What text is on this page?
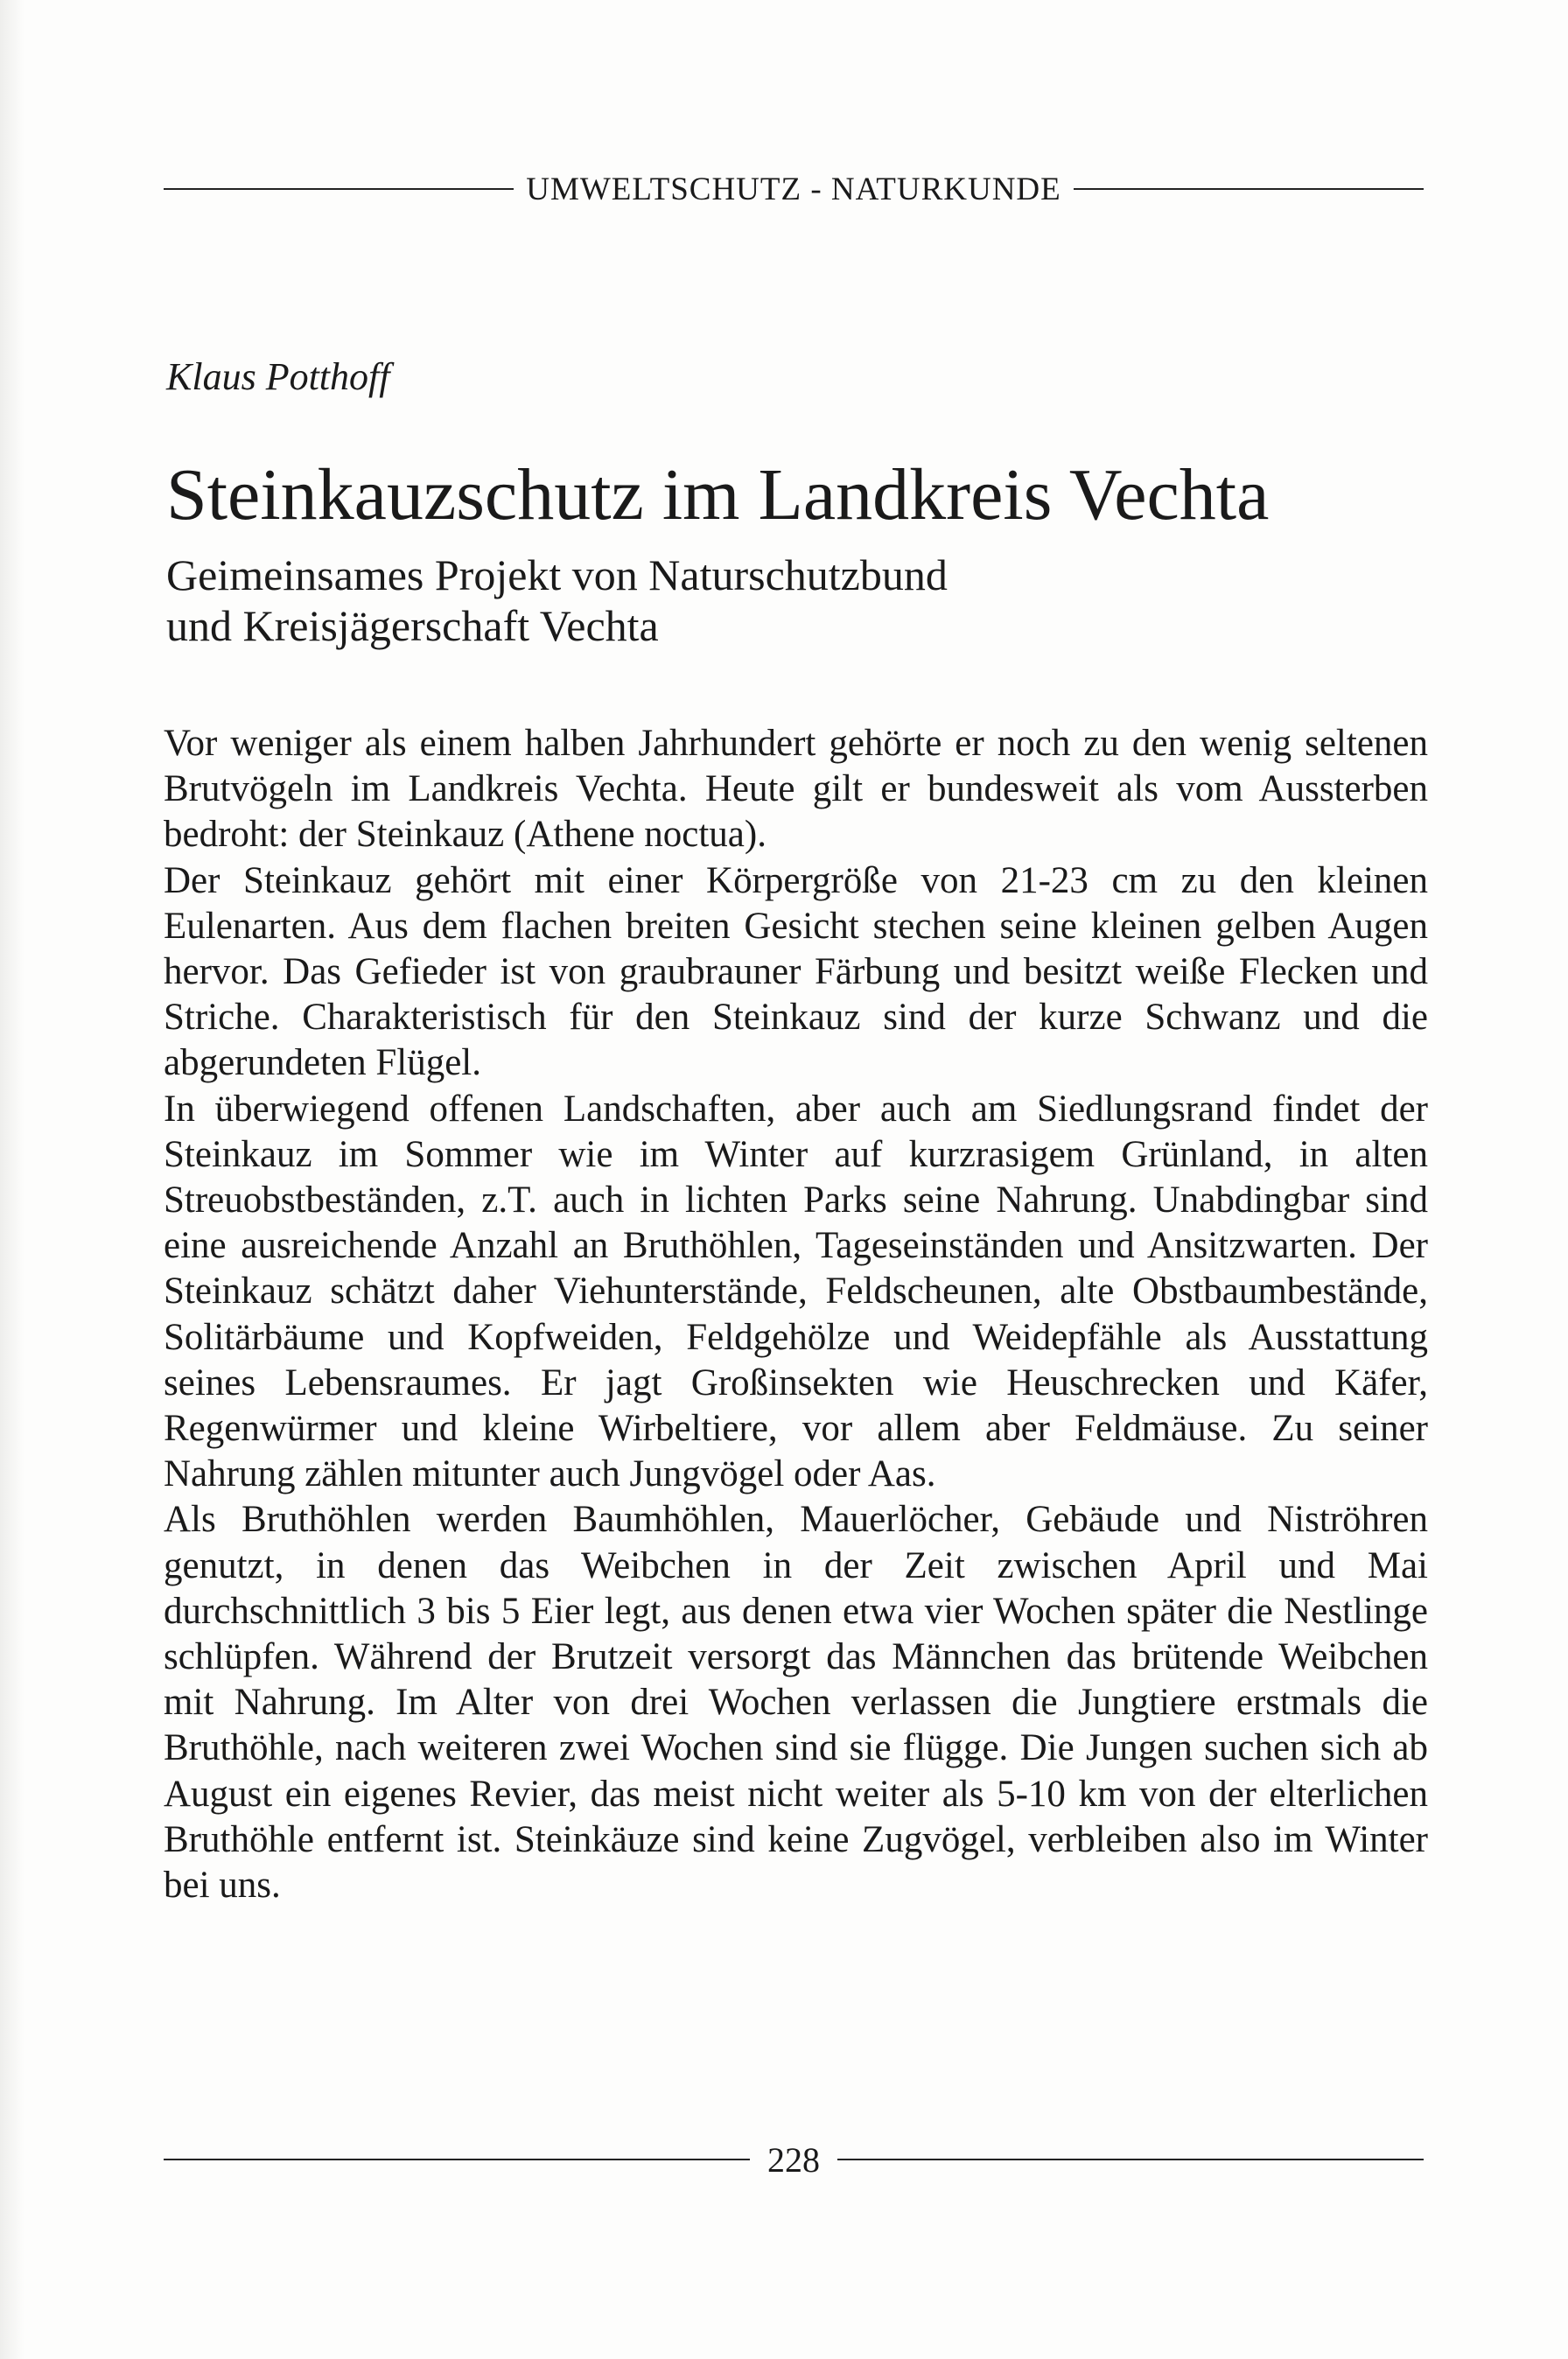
UMWELTSCHUTZ - NATURKUNDE
Klaus Potthoff
Steinkauzschutz im Landkreis Vechta
Geimeinsames Projekt von Naturschutzbund
und Kreisjägerschaft Vechta

Vor weniger als einem halben Jahrhundert gehörte er noch zu den wenig seltenen Brutvögeln im Landkreis Vechta. Heute gilt er bundesweit als vom Aussterben bedroht: der Steinkauz (Athene noctua).

Der Steinkauz gehört mit einer Körpergröße von 21-23 cm zu den kleinen Eulenarten. Aus dem flachen breiten Gesicht stechen seine kleinen gelben Augen hervor. Das Gefieder ist von graubrauner Färbung und besitzt weiße Flecken und Striche. Charakteristisch für den Steinkauz sind der kurze Schwanz und die abgerundeten Flügel.

In überwiegend offenen Landschaften, aber auch am Siedlungsrand findet der Steinkauz im Sommer wie im Winter auf kurzrasigem Grünland, in alten Streuobstbeständen, z.T. auch in lichten Parks seine Nahrung. Unabdingbar sind eine ausreichende Anzahl an Bruthöhlen, Tageseinständen und Ansitzwarten. Der Steinkauz schätzt daher Viehunterstände, Feldscheunen, alte Obstbaumbestände, Solitärbäume und Kopfweiden, Feldgehölze und Weidepfähle als Ausstattung seines Lebensraumes. Er jagt Großinsekten wie Heuschrecken und Käfer, Regenwürmer und kleine Wirbeltiere, vor allem aber Feldmäuse. Zu seiner Nahrung zählen mitunter auch Jungvögel oder Aas.

Als Bruthöhlen werden Baumhöhlen, Mauerlöcher, Gebäude und Niströhren genutzt, in denen das Weibchen in der Zeit zwischen April und Mai durchschnittlich 3 bis 5 Eier legt, aus denen etwa vier Wochen später die Nestlinge schlüpfen. Während der Brutzeit versorgt das Männchen das brütende Weibchen mit Nahrung. Im Alter von drei Wochen verlassen die Jungtiere erstmals die Bruthöhle, nach weiteren zwei Wochen sind sie flügge. Die Jungen suchen sich ab August ein eigenes Revier, das meist nicht weiter als 5-10 km von der elterlichen Bruthöhle entfernt ist. Steinkäuze sind keine Zugvögel, verbleiben also im Winter bei uns.

228
